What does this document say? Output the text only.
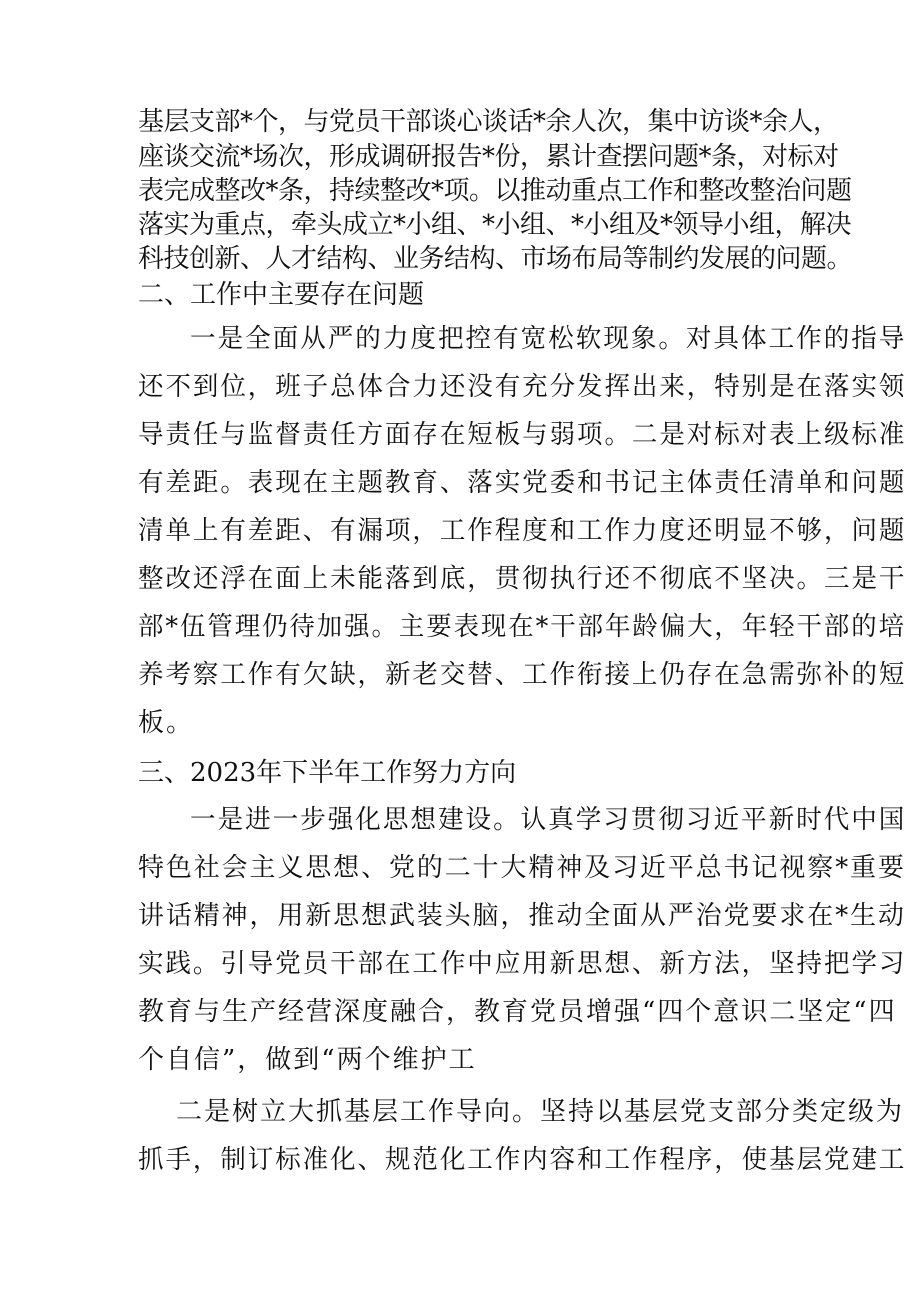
基层支部*个，与党员干部谈心谈话*余人次，集中访谈*余人，
座谈交流*场次，形成调研报告*份，累计查摆问题*条，对标对
表完成整改*条，持续整改*项。以推动重点工作和整改整治问题
落实为重点，牵头成立*小组、*小组、*小组及*领导小组，解决
科技创新、人才结构、业务结构、市场布局等制约发展的问题。
二、工作中主要存在问题
一是全面从严的力度把控有宽松软现象。对具体工作的指导
还不到位，班子总体合力还没有充分发挥出来，特别是在落实领
导责任与监督责任方面存在短板与弱项。二是对标对表上级标准
有差距。表现在主题教育、落实党委和书记主体责任清单和问题
清单上有差距、有漏项，工作程度和工作力度还明显不够，问题
整改还浮在面上未能落到底，贯彻执行还不彻底不坚决。三是干
部*伍管理仍待加强。主要表现在*干部年龄偏大，年轻干部的培
养考察工作有欠缺，新老交替、工作衔接上仍存在急需弥补的短
板。
三、2023年下半年工作努力方向
一是进一步强化思想建设。认真学习贯彻习近平新时代中国
特色社会主义思想、党的二十大精神及习近平总书记视察*重要
讲话精神，用新思想武装头脑，推动全面从严治党要求在*生动
实践。引导党员干部在工作中应用新思想、新方法，坚持把学习
教育与生产经营深度融合，教育党员增强“四个意识二坚定“四
个自信”，做到“两个维护工
二是树立大抓基层工作导向。坚持以基层党支部分类定级为
抓手，制订标准化、规范化工作内容和工作程序，使基层党建工
